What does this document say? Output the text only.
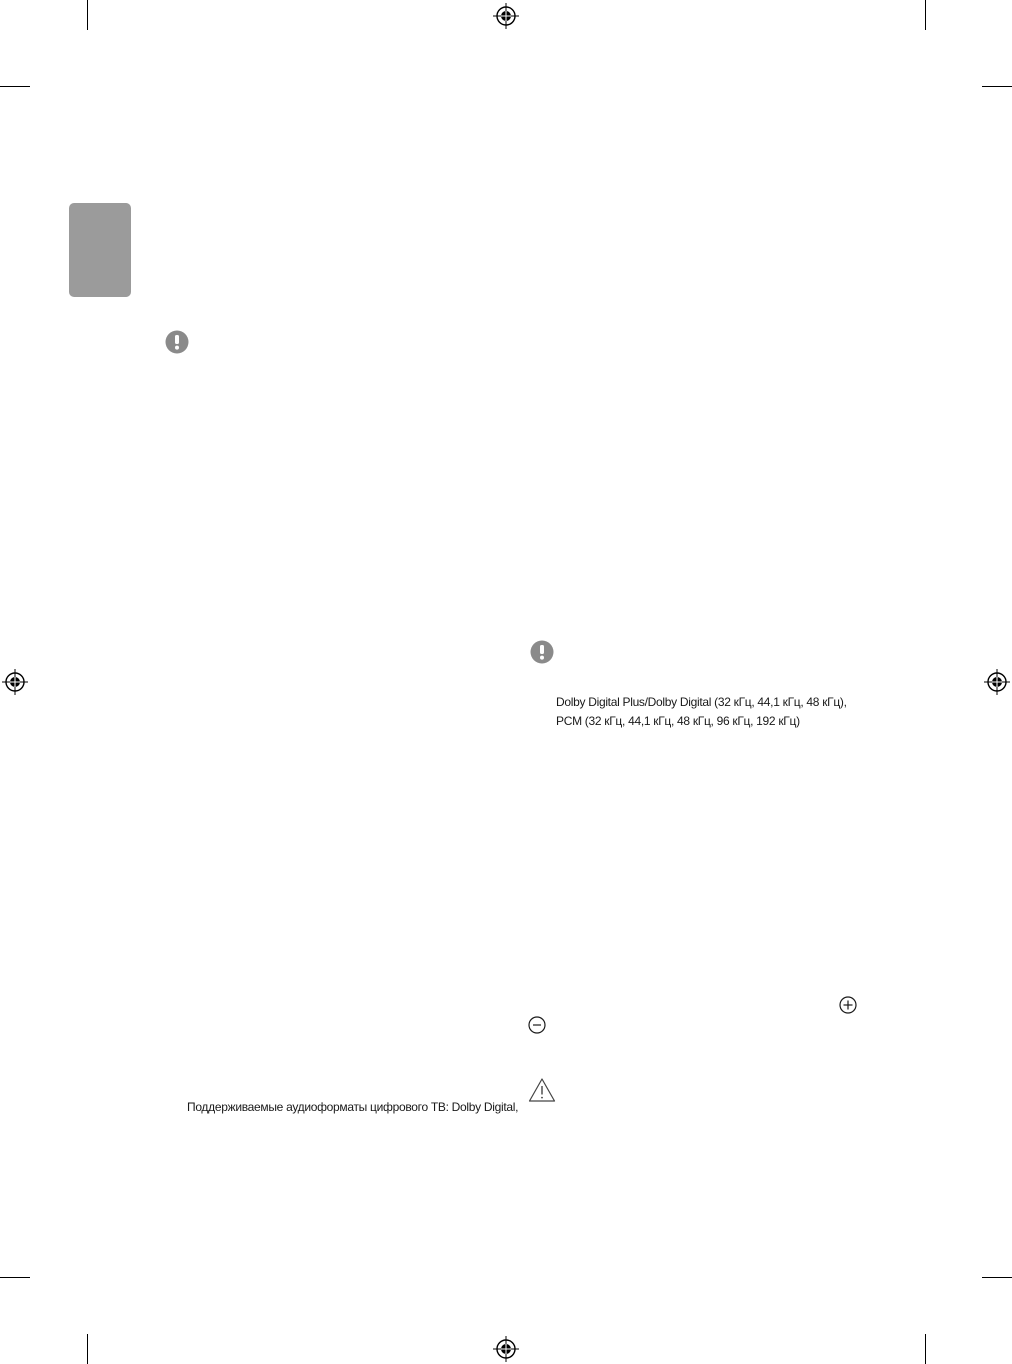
Поддерживаемые аудиоформаты цифрового ТВ: Dolby Digital,
Dolby Digital Plus/Dolby Digital (32 кГц, 44,1 кГц, 48 кГц),
PCM (32 кГц, 44,1 кГц, 48 кГц, 96 кГц, 192 кГц)
